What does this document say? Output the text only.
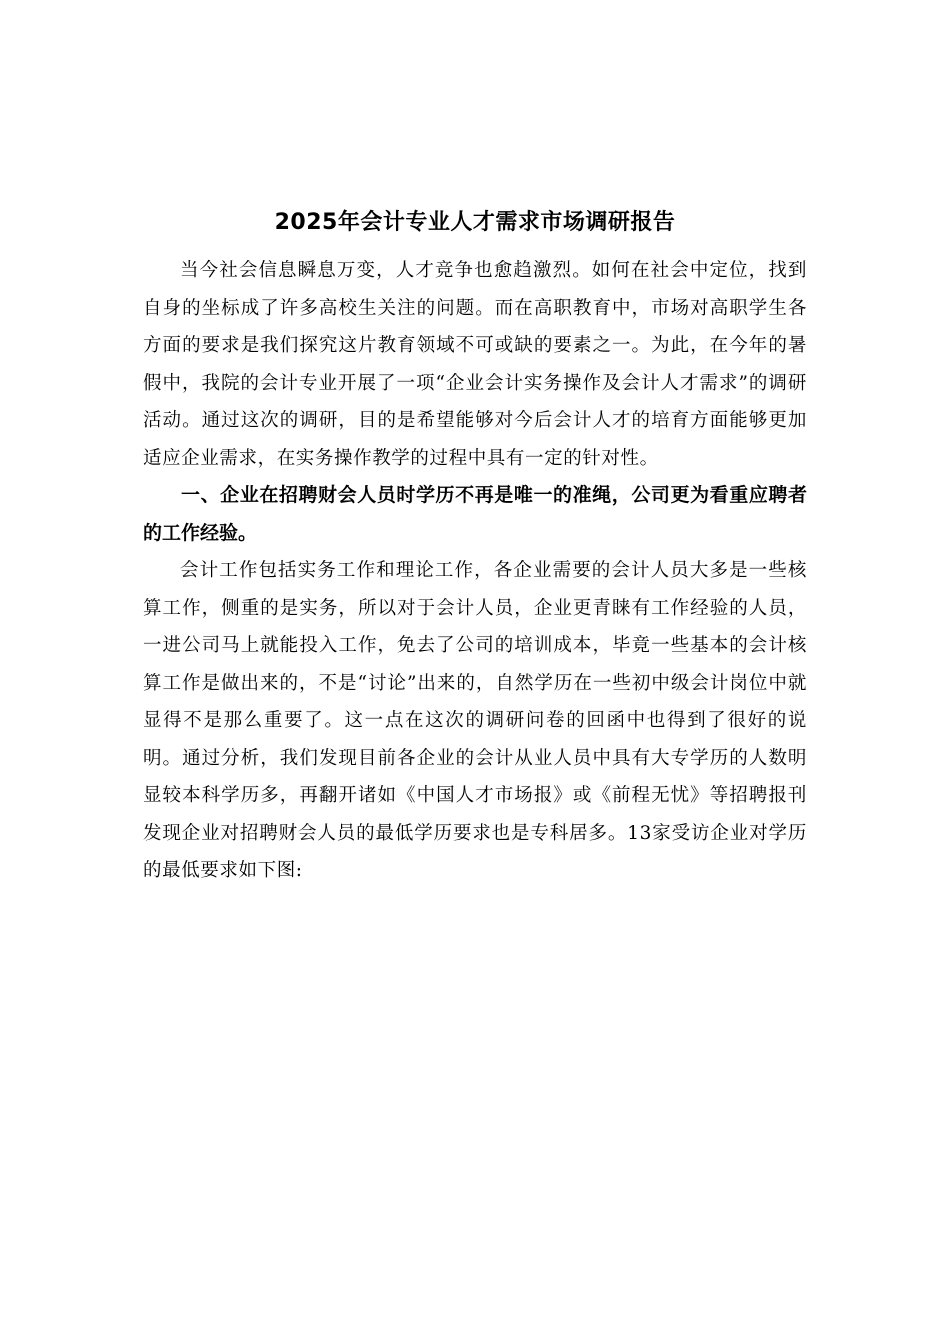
2025年会计专业人才需求市场调研报告

当今社会信息瞬息万变，人才竞争也愈趋激烈。如何在社会中定位，找到自身的坐标成了许多高校生关注的问题。而在高职教育中，市场对高职学生各方面的要求是我们探究这片教育领域不可或缺的要素之一。为此，在今年的暑假中，我院的会计专业开展了一项“企业会计实务操作及会计人才需求”的调研活动。通过这次的调研，目的是希望能够对今后会计人才的培育方面能够更加适应企业需求，在实务操作教学的过程中具有一定的针对性。

一、企业在招聘财会人员时学历不再是唯一的准绳，公司更为看重应聘者的工作经验。

会计工作包括实务工作和理论工作，各企业需要的会计人员大多是一些核算工作，侧重的是实务，所以对于会计人员，企业更青睐有工作经验的人员，一进公司马上就能投入工作，免去了公司的培训成本，毕竟一些基本的会计核算工作是做出来的，不是“讨论”出来的，自然学历在一些初中级会计岗位中就显得不是那么重要了。这一点在这次的调研问卷的回函中也得到了很好的说明。通过分析，我们发现目前各企业的会计从业人员中具有大专学历的人数明显较本科学历多，再翻开诸如《中国人才市场报》或《前程无忧》等招聘报刊发现企业对招聘财会人员的最低学历要求也是专科居多。13家受访企业对学历的最低要求如下图:
